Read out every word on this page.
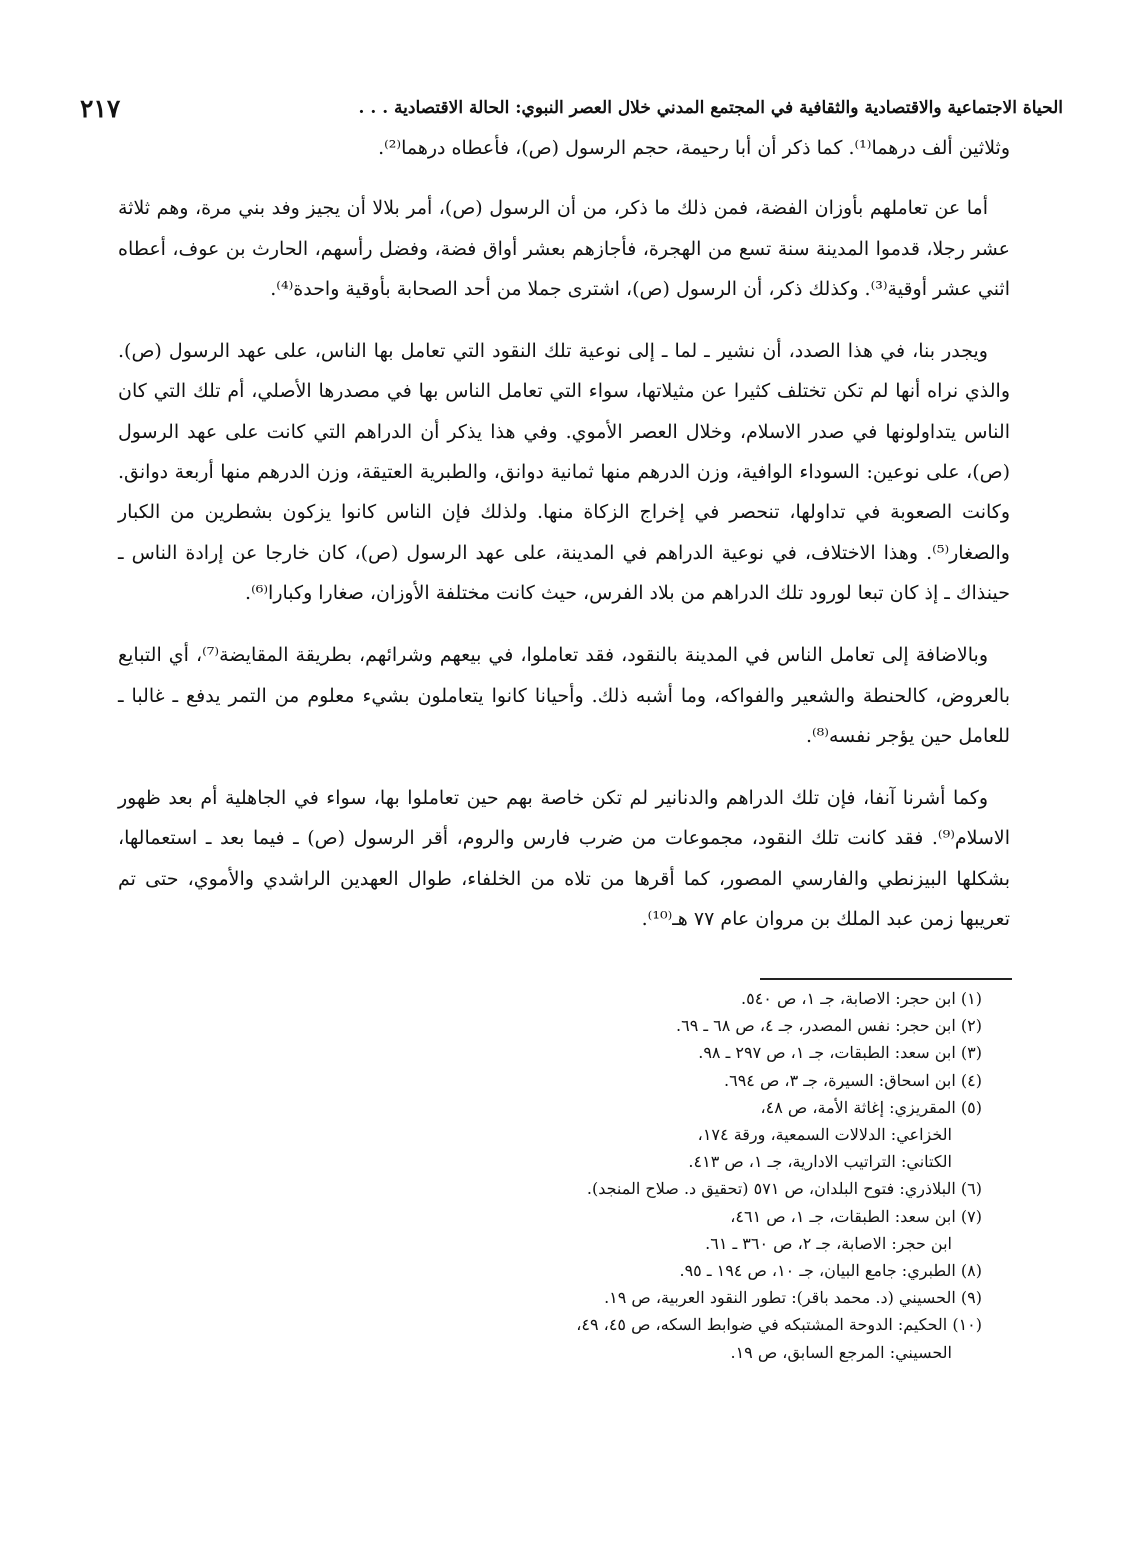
الحياة الاجتماعية والاقتصادية والثقافية في المجتمع المدني خلال العصر النبوي: الحالة الاقتصادية . . .
٢١٧

وثلاثين ألف درهما⁽¹⁾. كما ذكر أن أبا رحيمة، حجم الرسول (ص)، فأعطاه درهما⁽²⁾.

أما عن تعاملهم بأوزان الفضة، فمن ذلك ما ذكر، من أن الرسول (ص)، أمر بلالا أن يجيز وفد بني مرة، وهم ثلاثة عشر رجلا، قدموا المدينة سنة تسع من الهجرة، فأجازهم بعشر أواق فضة، وفضل رأسهم، الحارث بن عوف، أعطاه اثني عشر أوقية⁽³⁾. وكذلك ذكر، أن الرسول (ص)، اشترى جملا من أحد الصحابة بأوقية واحدة⁽⁴⁾.

ويجدر بنا، في هذا الصدد، أن نشير ـ لما ـ إلى نوعية تلك النقود التي تعامل بها الناس، على عهد الرسول (ص). والذي نراه أنها لم تكن تختلف كثيرا عن مثيلاتها، سواء التي تعامل الناس بها في مصدرها الأصلي، أم تلك التي كان الناس يتداولونها في صدر الاسلام، وخلال العصر الأموي. وفي هذا يذكر أن الدراهم التي كانت على عهد الرسول (ص)، على نوعين: السوداء الوافية، وزن الدرهم منها ثمانية دوانق، والطبرية العتيقة، وزن الدرهم منها أربعة دوانق. وكانت الصعوبة في تداولها، تنحصر في إخراج الزكاة منها. ولذلك فإن الناس كانوا يزكون بشطرين من الكبار والصغار⁽⁵⁾. وهذا الاختلاف، في نوعية الدراهم في المدينة، على عهد الرسول (ص)، كان خارجا عن إرادة الناس ـ حينذاك ـ إذ كان تبعا لورود تلك الدراهم من بلاد الفرس، حيث كانت مختلفة الأوزان، صغارا وكبارا⁽⁶⁾.

وبالاضافة إلى تعامل الناس في المدينة بالنقود، فقد تعاملوا، في بيعهم وشرائهم، بطريقة المقايضة⁽⁷⁾، أي التبايع بالعروض، كالحنطة والشعير والفواكه، وما أشبه ذلك. وأحيانا كانوا يتعاملون بشيء معلوم من التمر يدفع ـ غالبا ـ للعامل حين يؤجر نفسه⁽⁸⁾.

وكما أشرنا آنفا، فإن تلك الدراهم والدنانير لم تكن خاصة بهم حين تعاملوا بها، سواء في الجاهلية أم بعد ظهور الاسلام⁽⁹⁾. فقد كانت تلك النقود، مجموعات من ضرب فارس والروم، أقر الرسول (ص) ـ فيما بعد ـ استعمالها، بشكلها البيزنطي والفارسي المصور، كما أقرها من تلاه من الخلفاء، طوال العهدين الراشدي والأموي، حتى تم تعريبها زمن عبد الملك بن مروان عام ٧٧ هـ⁽¹⁰⁾.

(١) ابن حجر: الاصابة، جـ ١، ص ٥٤٠.
(٢) ابن حجر: نفس المصدر، جـ ٤، ص ٦٨ ـ ٦٩.
(٣) ابن سعد: الطبقات، جـ ١، ص ٢٩٧ ـ ٩٨.
(٤) ابن اسحاق: السيرة، جـ ٣، ص ٦٩٤.
(٥) المقريزي: إغاثة الأمة، ص ٤٨،
الخزاعي: الدلالات السمعية، ورقة ١٧٤،
الكتاني: التراتيب الادارية، جـ ١، ص ٤١٣.
(٦) البلاذري: فتوح البلدان، ص ٥٧١ (تحقيق د. صلاح المنجد).
(٧) ابن سعد: الطبقات، جـ ١، ص ٤٦١،
ابن حجر: الاصابة، جـ ٢، ص ٣٦٠ ـ ٦١.
(٨) الطبري: جامع البيان، جـ ١٠، ص ١٩٤ ـ ٩٥.
(٩) الحسيني (د. محمد باقر): تطور النقود العربية، ص ١٩.
(١٠) الحكيم: الدوحة المشتبكه في ضوابط السكه، ص ٤٥، ٤٩،
الحسيني: المرجع السابق، ص ١٩.
